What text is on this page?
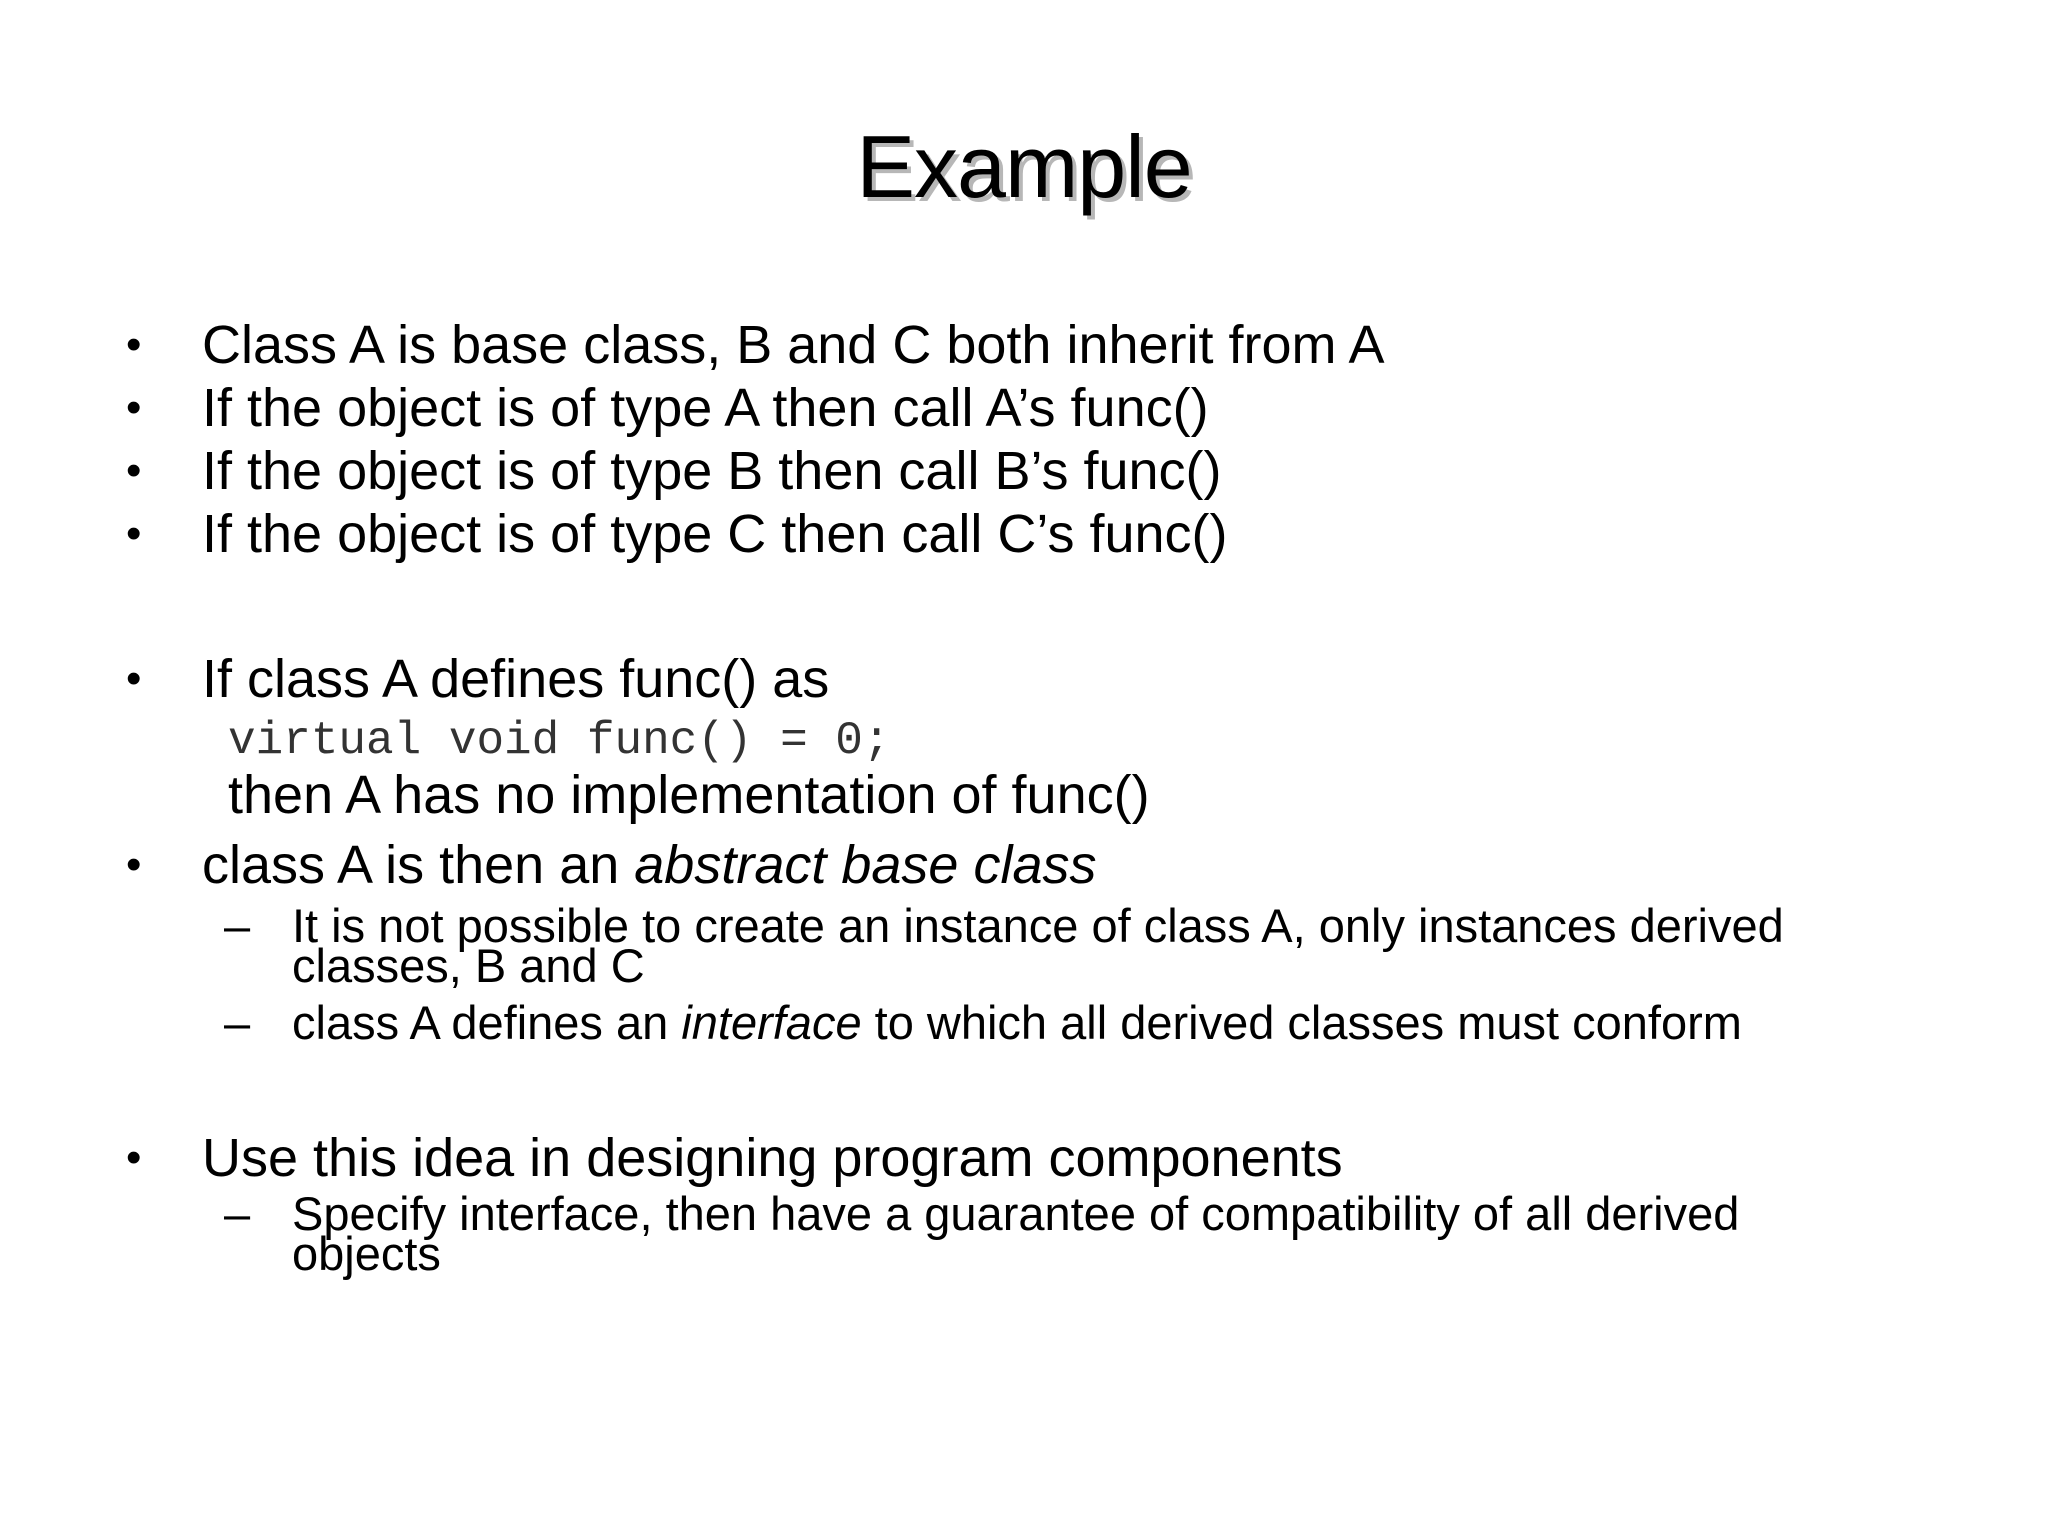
Example
• Class A is base class, B and C both inherit from A
• If the object is of type A then call A’s func()
• If the object is of type B then call B’s func()
• If the object is of type C then call C’s func()
• If class A defines func() as
virtual void func() = 0;
then A has no implementation of func()
• class A is then an abstract base class
– It is not possible to create an instance of class A, only instances derived
classes, B and C
– class A defines an interface to which all derived classes must conform
• Use this idea in designing program components
– Specify interface, then have a guarantee of compatibility of all derived
objects
